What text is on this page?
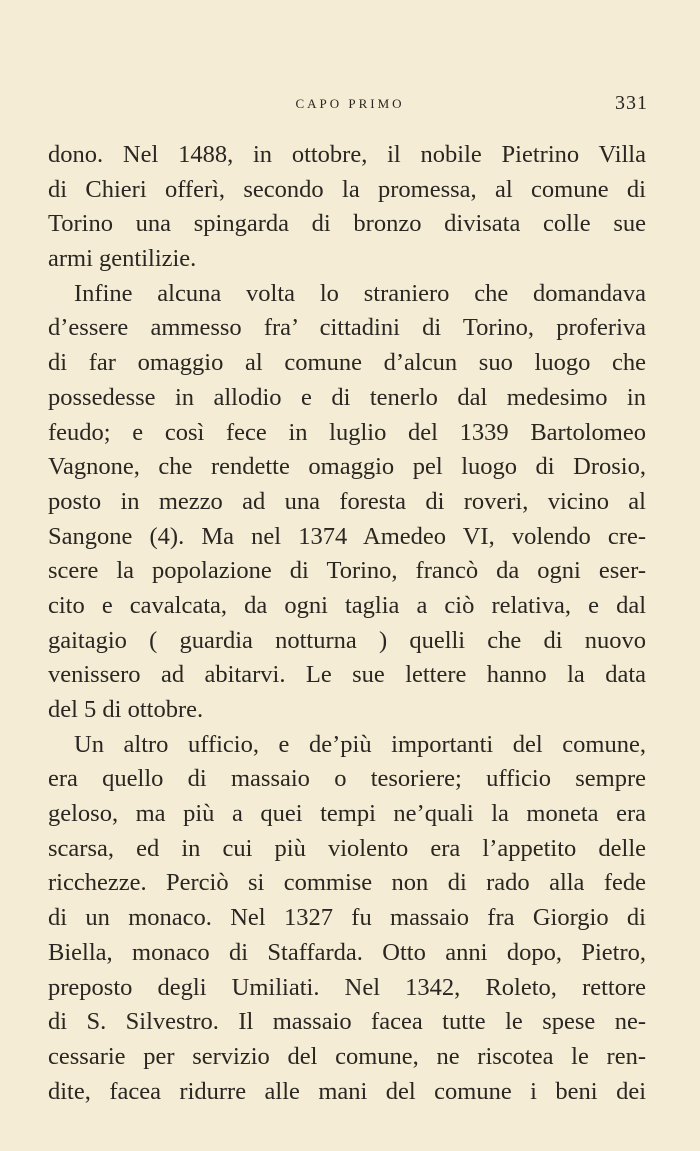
CAPO PRIMO	331
dono. Nel 1488, in ottobre, il nobile Pietrino Villa
di Chieri offerì, secondo la promessa, al comune di
Torino una spingarda di bronzo divisata colle sue
armi gentilizie.
Infine alcuna volta lo straniero che domandava
d’essere ammesso fra’ cittadini di Torino, proferiva
di far omaggio al comune d’alcun suo luogo che
possedesse in allodio e di tenerlo dal medesimo in
feudo; e così fece in luglio del 1339 Bartolomeo
Vagnone, che rendette omaggio pel luogo di Drosio,
posto in mezzo ad una foresta di roveri, vicino al
Sangone (4). Ma nel 1374 Amedeo VI, volendo cre-
scere la popolazione di Torino, francò da ogni eser-
cito e cavalcata, da ogni taglia a ciò relativa, e dal
gaitagio ( guardia notturna ) quelli che di nuovo
venissero ad abitarvi. Le sue lettere hanno la data
del 5 di ottobre.
Un altro ufficio, e de’più importanti del comune,
era quello di massaio o tesoriere; ufficio sempre
geloso, ma più a quei tempi ne’quali la moneta era
scarsa, ed in cui più violento era l’appetito delle
ricchezze. Perciò si commise non di rado alla fede
di un monaco. Nel 1327 fu massaio fra Giorgio di
Biella, monaco di Staffarda. Otto anni dopo, Pietro,
preposto degli Umiliati. Nel 1342, Roleto, rettore
di S. Silvestro. Il massaio facea tutte le spese ne-
cessarie per servizio del comune, ne riscotea le ren-
dite, facea ridurre alle mani del comune i beni dei
